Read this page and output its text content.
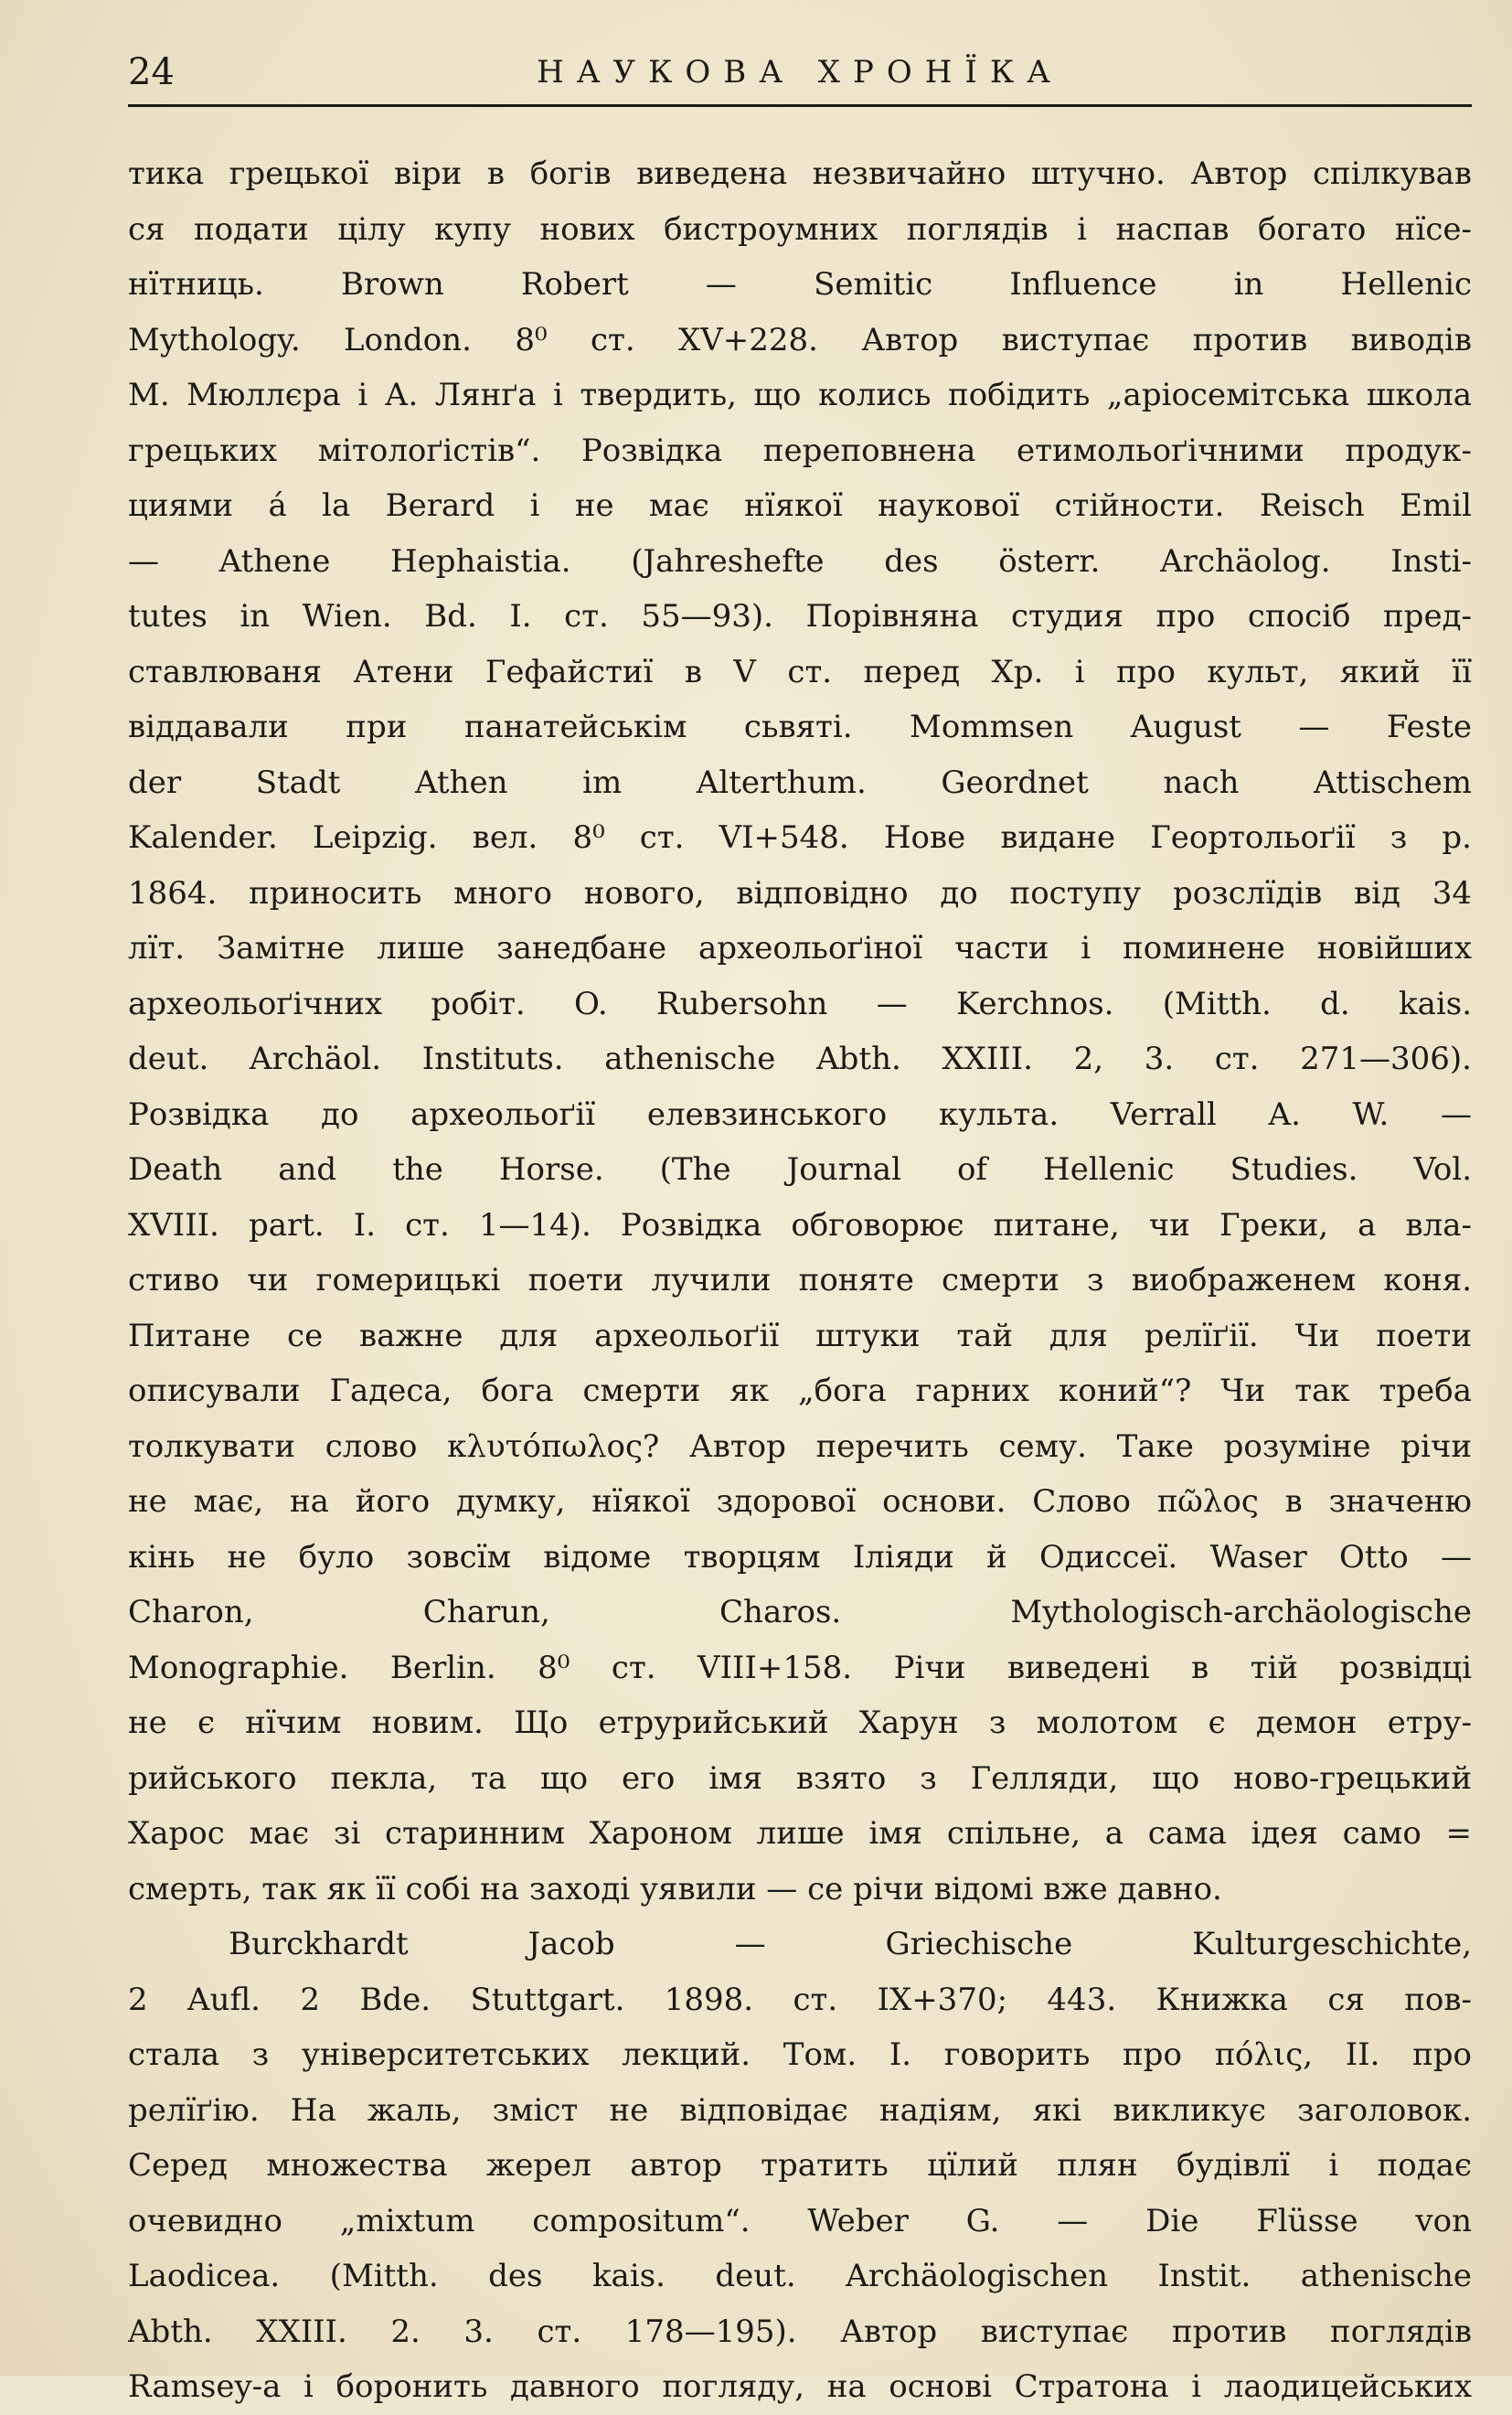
24	НАУКОВА ХРОНЇКА
тика грецької віри в богів виведена незвичайно штучно. Автор спілкував
ся подати цілу купу нових бистроумних поглядів і наспав богато нїсе-
нїтниць. Brown Robert — Semitic Influence in Hellenic
Mythology. London. 8⁰ ст. XV+228. Автор виступає против виводів
М. Мюллєра і А. Лянґа і твердить, що колись побідить „аріосемітська школа
грецьких мітолоґістів“. Розвідка переповнена етимольоґічними продук-
циями á la Berard і не має нїякої наукової стійности. Reisch Emil
— Athene Hephaistia. (Jahreshefte des österr. Archäolog. Insti-
tutes in Wien. Bd. I. ст. 55—93). Порівняна студия про спосіб пред-
ставлюваня Атени Гефайстиї в V ст. перед Хр. і про культ, який її
віддавали при панатейськім сьвяті. Mommsen August — Feste
der Stadt Athen im Alterthum. Geordnet nach Attischem
Kalender. Leipzig. вел. 8⁰ ст. VI+548. Нове видане Геортольоґії з р.
1864. приносить много нового, відповідно до поступу розслїдів від 34
лїт. Замітне лише занедбане археольоґіної части і поминене новійших
археольоґічних робіт. O. Rubersohn — Kerchnos. (Mitth. d. kais.
deut. Archäol. Instituts. athenische Abth. XXIII. 2, 3. ст. 271—306).
Розвідка до археольоґії елевзинського культа. Verrall A. W. —
Death and the Horse. (The Journal of Hellenic Studies. Vol.
XVIII. part. I. ст. 1—14). Розвідка обговорює питане, чи Греки, а вла-
стиво чи гомерицькі поети лучили поняте смерти з виображенем коня.
Питане се важне для археольоґії штуки тай для релїґії. Чи поети
описували Гадеса, бога смерти як „бога гарних коний“? Чи так треба
толкувати слово κλυτόπωλος? Автор перечить сему. Таке розуміне річи
не має, на його думку, нїякої здорової основи. Слово πῶλος в значеню
кінь не було зовсїм відоме творцям Іліяди й Одиссеї. Waser Otto —
Charon, Charun, Charos. Mythologisch-archäologische
Monographie. Berlin. 8⁰ ст. VIII+158. Річи виведені в тій розвідці
не є нїчим новим. Що етрурийський Харун з молотом є демон етру-
рийського пекла, та що его імя взято з Гелляди, що ново-грецький
Харос має зі старинним Хароном лише імя спільне, а сама ідея само =
смерть, так як її собі на заході уявили — се річи відомі вже давно.
Burckhardt Jacob — Griechische Kulturgeschichte,
2 Aufl. 2 Bde. Stuttgart. 1898. ст. IX+370; 443. Книжка ся пов-
стала з університетських лекций. Том. I. говорить про πόλις, II. про
релїґію. На жаль, зміст не відповідає надіям, які викликує заголовок.
Серед множества жерел автор тратить цїлий плян будівлї і подає
очевидно „mixtum compositum“. Weber G. — Die Flüsse von
Laodicea. (Mitth. des kais. deut. Archäologischen Instit. athenische
Abth. XXIII. 2. 3. ст. 178—195). Автор виступає против поглядів
Ramsey-а і боронить давного погляду, на основі Стратона і лаодицейських
